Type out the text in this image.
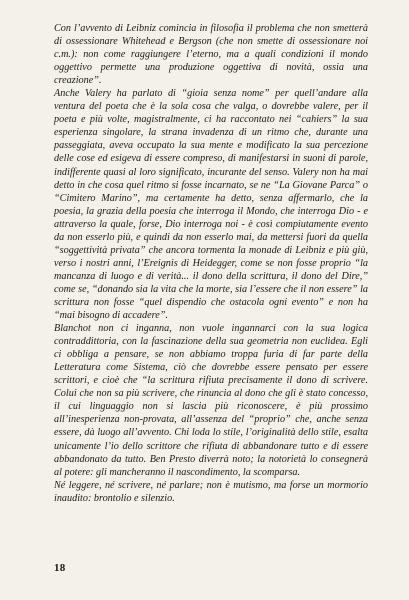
Con l’avvento di Leibniz comincia in filosofia il problema che non smetterà di ossessionare Whitehead e Bergson (che non smette di ossessionare noi c.m.): non come raggiungere l’eterno, ma a quali condizioni il mondo oggettivo permette una produzione oggettiva di novità, ossia una creazione”.

Anche Valery ha parlato di “gioia senza nome” per quell’andare alla ventura del poeta che è la sola cosa che valga, o dovrebbe valere, per il poeta e più volte, magistralmente, ci ha raccontato nei “cahiers” la sua esperienza singolare, la strana invadenza di un ritmo che, durante una passeggiata, aveva occupato la sua mente e modificato la sua percezione delle cose ed esigeva di essere compreso, di manifestarsi in suoni di parole, indifferente quasi al loro significato, incurante del senso. Valery non ha mai detto in che cosa quel ritmo si fosse incarnato, se ne “La Giovane Parca” o “Cimitero Marino”, ma certamente ha detto, senza affermarlo, che la poesia, la grazia della poesia che interroga il Mondo, che interroga Dio - e attraverso la quale, forse, Dio interroga noi - è così compiutamente evento da non esserlo più, e quindi da non esserlo mai, da mettersi fuori da quella “soggettività privata” che ancora tormenta la monade di Leibniz e più giù, verso i nostri anni, l’Ereignis di Heidegger, come se non fosse proprio “la mancanza di luogo e di verità... il dono della scrittura, il dono del Dire,” come se, “donando sia la vita che la morte, sia l’essere che il non essere” la scrittura non fosse “quel dispendio che ostacola ogni evento” e non ha “mai bisogno di accadere”.

Blanchot non ci inganna, non vuole ingannarci con la sua logica contraddittoria, con la fascinazione della sua geometria non euclidea. Egli ci obbliga a pensare, se non abbiamo troppa furia di far parte della Letteratura come Sistema, ciò che dovrebbe essere pensato per essere scrittori, e cioè che “la scrittura rifiuta precisamente il dono di scrivere. Colui che non sa più scrivere, che rinuncia al dono che gli è stato concesso, il cui linguaggio non si lascia più riconoscere, è più prossimo all’inesperienza non-provata, all’assenza del “proprio” che, anche senza essere, dà luogo all’avvento. Chi loda lo stile, l’originalità dello stile, esalta unicamente l’io dello scrittore che rifiuta di abbandonare tutto e di essere abbandonato da tutto. Ben Presto diverrà noto; la notorietà lo consegnerà al potere: gli mancheranno il nascondimento, la scomparsa.

Né leggere, né scrivere, né parlare; non è mutismo, ma forse un mormorio inaudito: brontolio e silenzio.

18
